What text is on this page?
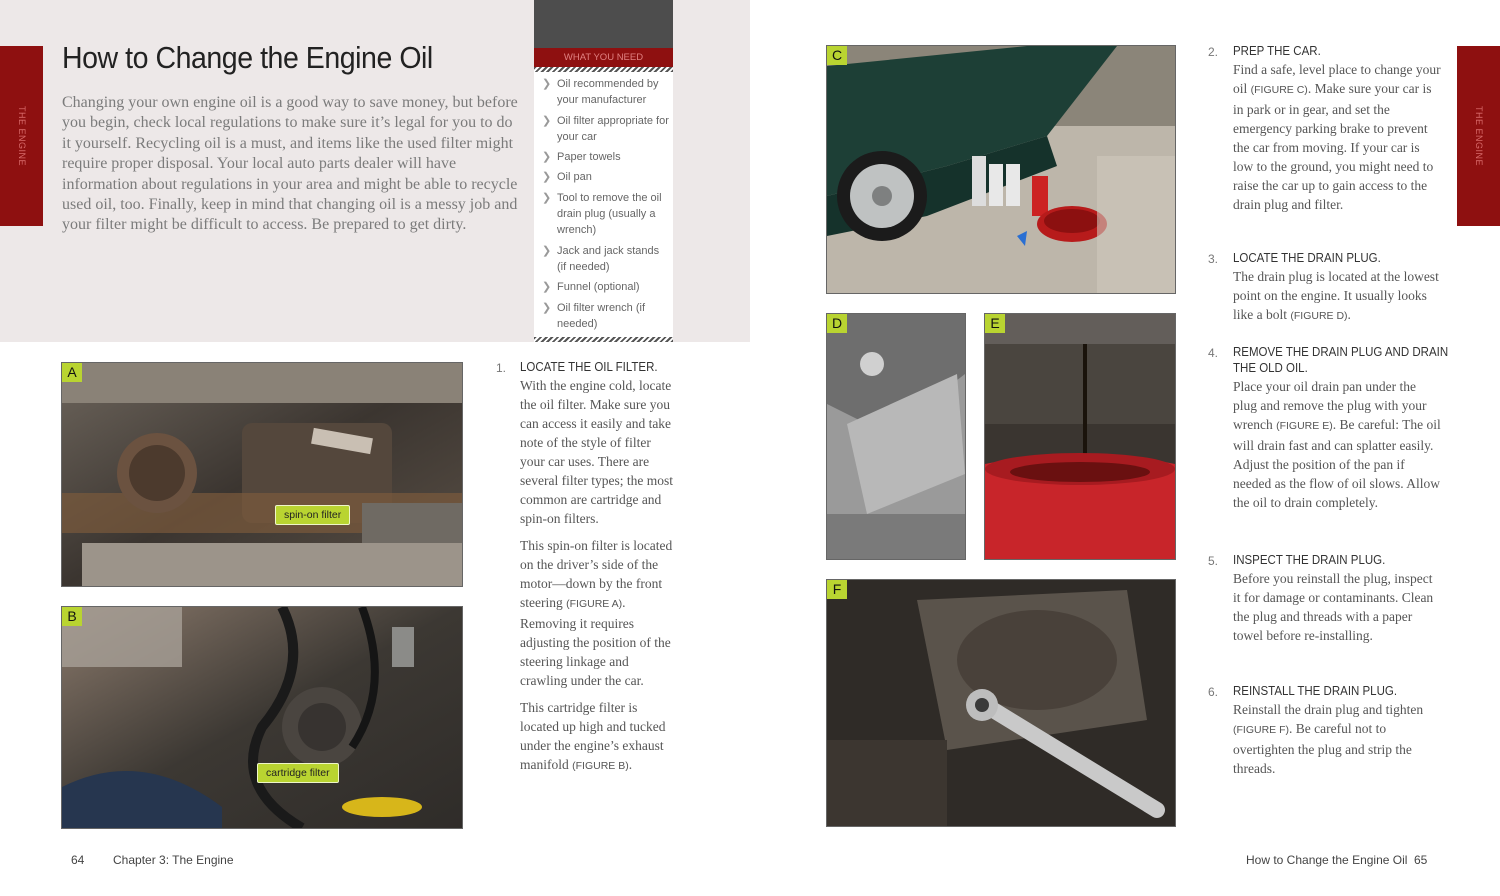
THE ENGINE
How to Change the Engine Oil
Changing your own engine oil is a good way to save money, but before you begin, check local regulations to make sure it’s legal for you to do it yourself. Recycling oil is a must, and items like the used filter might require proper disposal. Your local auto parts dealer will have information about regulations in your area and might be able to recycle used oil, too. Finally, keep in mind that changing oil is a messy job and your filter might be difficult to access. Be prepared to get dirty.
WHAT YOU NEED
❯ Oil recommended by your manufacturer
❯ Oil filter appropriate for your car
❯ Paper towels
❯ Oil pan
❯ Tool to remove the oil drain plug (usually a wrench)
❯ Jack and jack stands (if needed)
❯ Funnel (optional)
❯ Oil filter wrench (if needed)
A
spin-on filter
B
cartridge filter
1. LOCATE THE OIL FILTER.
With the engine cold, locate the oil filter. Make sure you can access it easily and take note of the style of filter your car uses. There are several filter types; the most common are cartridge and spin-on filters.
This spin-on filter is located on the driver’s side of the motor—down by the front steering (FIGURE A). Removing it requires adjusting the position of the steering linkage and crawling under the car.
This cartridge filter is located up high and tucked under the engine’s exhaust manifold (FIGURE B).
64 Chapter 3: The Engine
THE ENGINE
C
D	E
F
2. PREP THE CAR.
Find a safe, level place to change your oil (FIGURE C). Make sure your car is in park or in gear, and set the emergency parking brake to prevent the car from moving. If your car is low to the ground, you might need to raise the car up to gain access to the drain plug and filter.
3. LOCATE THE DRAIN PLUG.
The drain plug is located at the lowest point on the engine. It usually looks like a bolt (FIGURE D).
4. REMOVE THE DRAIN PLUG AND DRAIN
THE OLD OIL.
Place your oil drain pan under the plug and remove the plug with your wrench (FIGURE E). Be careful: The oil will drain fast and can splatter easily. Adjust the position of the pan if needed as the flow of oil slows. Allow the oil to drain completely.
5. INSPECT THE DRAIN PLUG.
Before you reinstall the plug, inspect it for damage or contaminants. Clean the plug and threads with a paper towel before re-installing.
6. REINSTALL THE DRAIN PLUG.
Reinstall the drain plug and tighten (FIGURE F). Be careful not to overtighten the plug and strip the threads.
How to Change the Engine Oil 65
